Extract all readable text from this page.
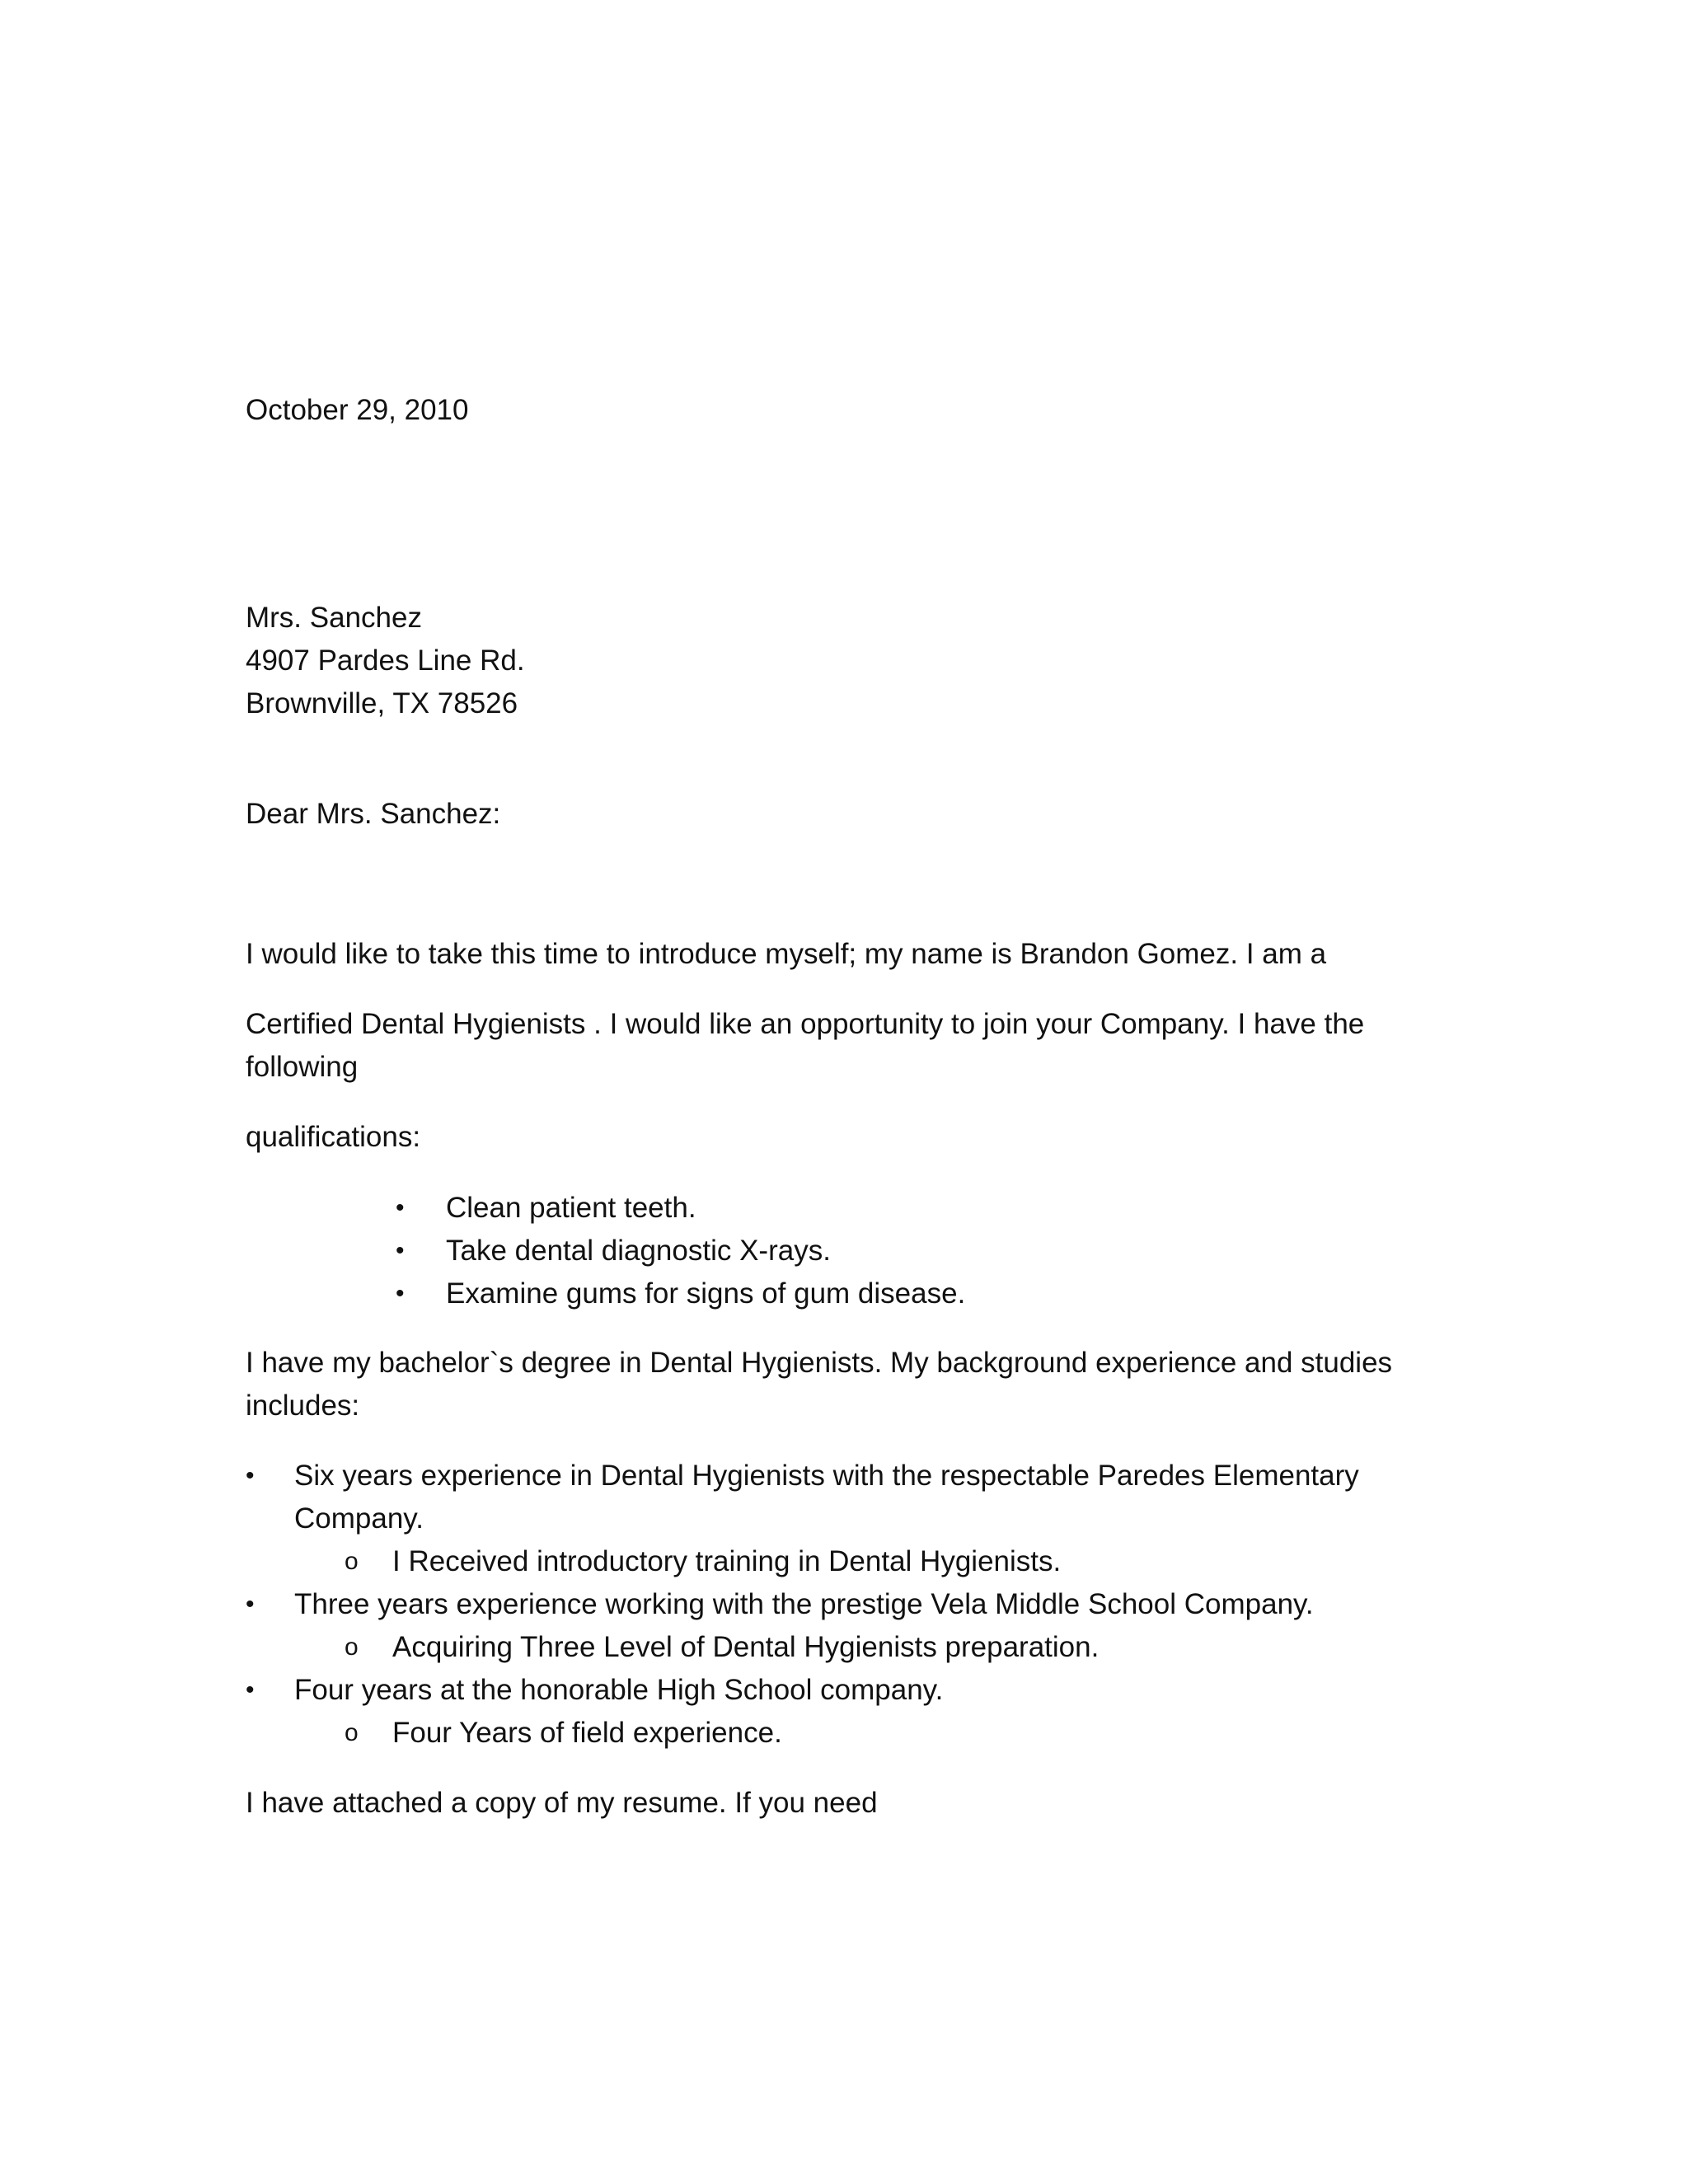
October 29, 2010

Mrs. Sanchez

4907 Pardes Line Rd.

Brownville, TX 78526

Dear Mrs. Sanchez:

I would like to take this time to introduce myself; my name is Brandon Gomez. I am a

Certified Dental Hygienists . I would like an opportunity to join your Company. I have the

following

qualifications:

• Clean patient teeth.

• Take dental diagnostic X-rays.

• Examine gums for signs of gum disease.

I have my bachelor`s degree in Dental Hygienists. My background experience and studies

includes:

• Six years experience in Dental Hygienists with the respectable Paredes Elementary

Company.

o I Received introductory training in Dental Hygienists.

• Three years experience working with the prestige Vela Middle School Company.

o Acquiring Three Level of Dental Hygienists preparation.

• Four years at the honorable High School company.

o Four Years of field experience.

I have attached a copy of my resume. If you need
